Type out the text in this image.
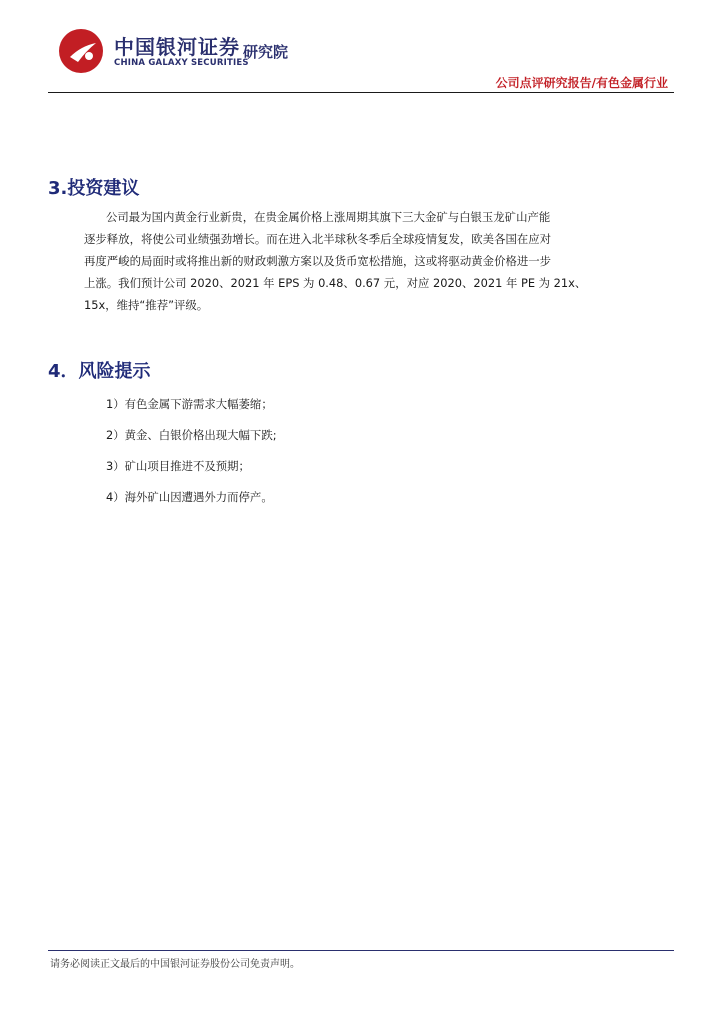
中国银河证券
CHINA GALAXY SECURITIES
研究院
公司点评研究报告/有色金属行业
3.投资建议
公司最为国内黄金行业新贵，在贵金属价格上涨周期其旗下三大金矿与白银玉龙矿山产能
逐步释放，将使公司业绩强劲增长。而在进入北半球秋冬季后全球疫情复发，欧美各国在应对
再度严峻的局面时或将推出新的财政刺激方案以及货币宽松措施，这或将驱动黄金价格进一步
上涨。我们预计公司 2020、2021 年 EPS 为 0.48、0.67 元，对应 2020、2021 年 PE 为 21x、
15x，维持“推荐”评级。
4．风险提示
1）有色金属下游需求大幅萎缩；
2）黄金、白银价格出现大幅下跌;
3）矿山项目推进不及预期；
4）海外矿山因遭遇外力而停产。
请务必阅读正文最后的中国银河证券股份公司免责声明。
